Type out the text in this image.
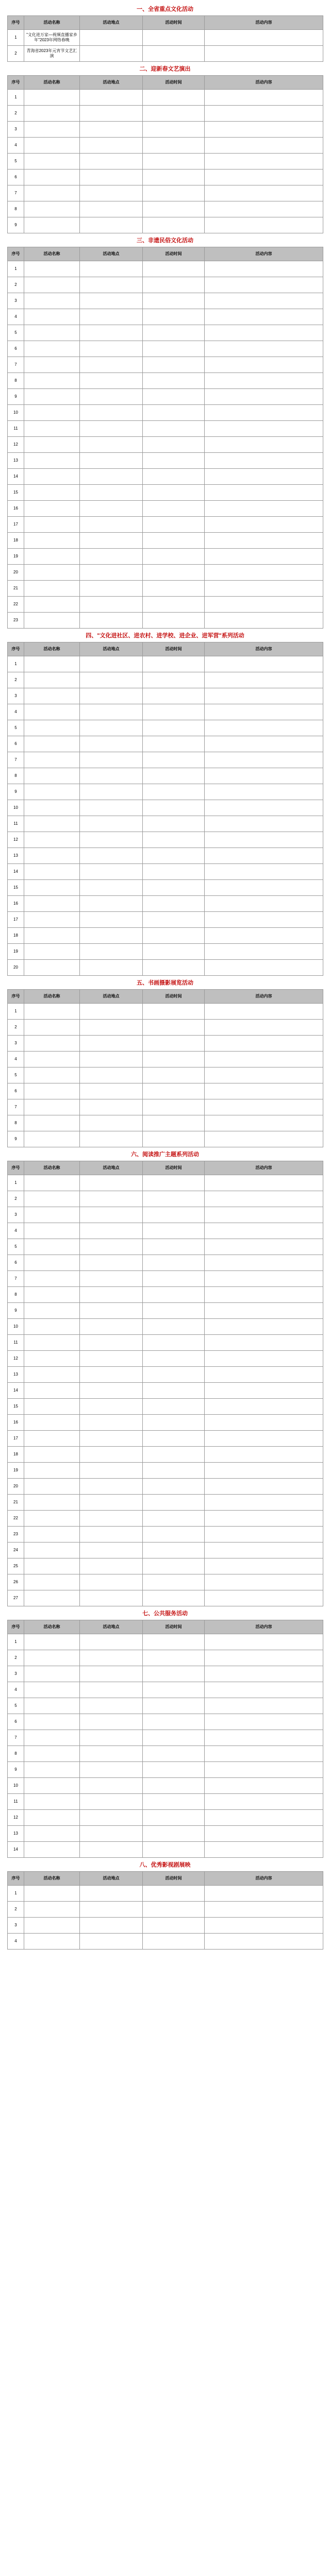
一、全省重点文化活动
序号	活动名称	活动地点	活动时间	活动内容
1	"文化进万家—视频直播家乡年"2023年网络春晚			
2	青海省2023年元宵节文艺汇演			
二、迎新春文艺演出
序号	活动名称	活动地点	活动时间	活动内容
1				
2				
3				
4				
5				
6				
7				
8				
9				
三、非遗民俗文化活动
序号	活动名称	活动地点	活动时间	活动内容
1				
2				
3				
4				
5				
6				
7				
8				
9				
10				
11				
12				
13				
14				
15				
16				
17				
18				
19				
20				
21				
22				
23				
四、"文化进社区、进农村、进学校、进企业、进军营"系列活动
序号	活动名称	活动地点	活动时间	活动内容
1				
2				
3				
4				
5				
6				
7				
8				
9				
10				
11				
12				
13				
14				
15				
16				
17				
18				
19				
20				
五、书画摄影展览活动
序号	活动名称	活动地点	活动时间	活动内容
1				
2				
3				
4				
5				
6				
7				
8				
9				
六、阅读推广主题系列活动
序号	活动名称	活动地点	活动时间	活动内容
1				
2				
3				
4				
5				
6				
7				
8				
9				
10				
11				
12				
13				
14				
15				
16				
17				
18				
19				
20				
21				
22				
23				
24				
25				
26				
27				
七、公共服务活动
序号	活动名称	活动地点	活动时间	活动内容
1				
2				
3				
4				
5				
6				
7				
8				
9				
10				
11				
12				
13				
14				
八、优秀影视剧展映
序号	活动名称	活动地点	活动时间	活动内容
1				
2				
3				
4				
